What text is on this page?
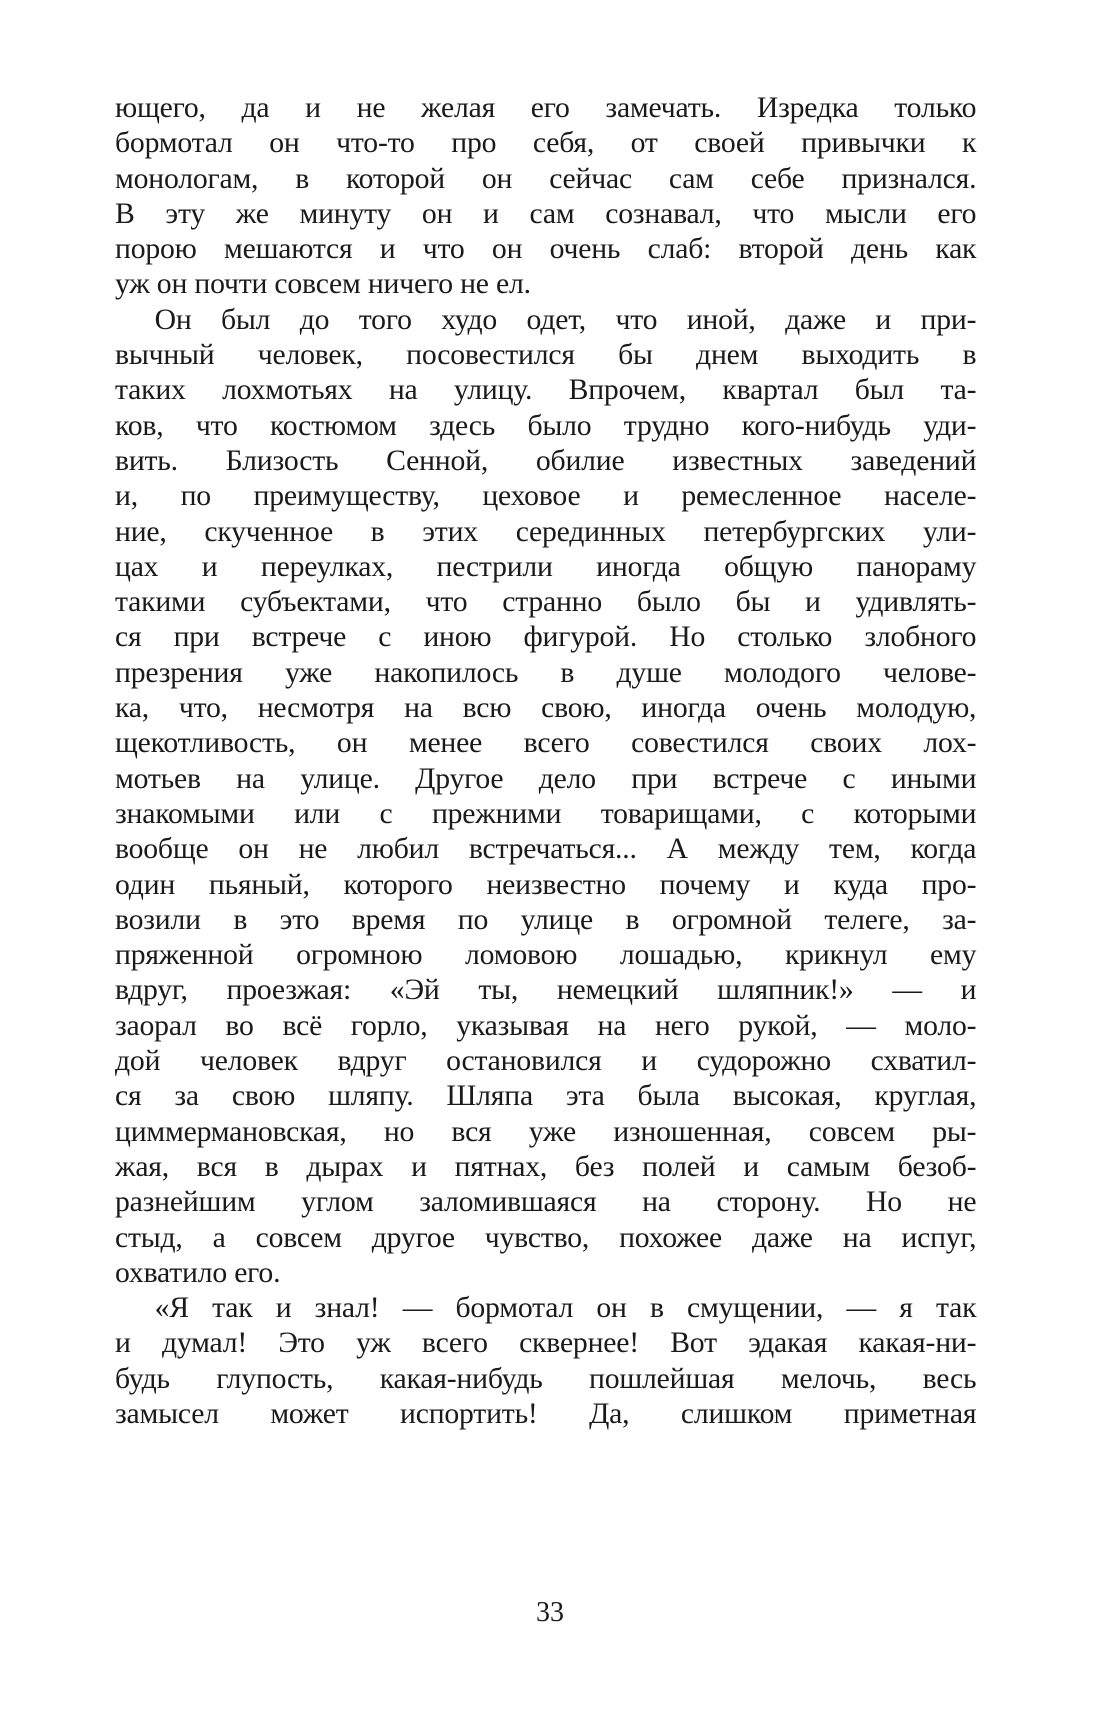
ющего, да и не желая его замечать. Изредка только
бормотал он что-то про себя, от своей привычки к
монологам, в которой он сейчас сам себе признался.
В эту же минуту он и сам сознавал, что мысли его
порою мешаются и что он очень слаб: второй день как
уж он почти совсем ничего не ел.
Он был до того худо одет, что иной, даже и при-
вычный человек, посовестился бы днем выходить в
таких лохмотьях на улицу. Впрочем, квартал был та-
ков, что костюмом здесь было трудно кого-нибудь уди-
вить. Близость Сенной, обилие известных заведений
и, по преимуществу, цеховое и ремесленное населе-
ние, скученное в этих серединных петербургских ули-
цах и переулках, пестрили иногда общую панораму
такими субъектами, что странно было бы и удивлять-
ся при встрече с иною фигурой. Но столько злобного
презрения уже накопилось в душе молодого челове-
ка, что, несмотря на всю свою, иногда очень молодую,
щекотливость, он менее всего совестился своих лох-
мотьев на улице. Другое дело при встрече с иными
знакомыми или с прежними товарищами, с которыми
вообще он не любил встречаться... А между тем, когда
один пьяный, которого неизвестно почему и куда про-
возили в это время по улице в огромной телеге, за-
пряженной огромною ломовою лошадью, крикнул ему
вдруг, проезжая: «Эй ты, немецкий шляпник!» — и
заорал во всё горло, указывая на него рукой, — моло-
дой человек вдруг остановился и судорожно схватил-
ся за свою шляпу. Шляпа эта была высокая, круглая,
циммермановская, но вся уже изношенная, совсем ры-
жая, вся в дырах и пятнах, без полей и самым безоб-
разнейшим углом заломившаяся на сторону. Но не
стыд, а совсем другое чувство, похожее даже на испуг,
охватило его.
«Я так и знал! — бормотал он в смущении, — я так
и думал! Это уж всего сквернее! Вот эдакая какая-ни-
будь глупость, какая-нибудь пошлейшая мелочь, весь
замысел может испортить! Да, слишком приметная
33
